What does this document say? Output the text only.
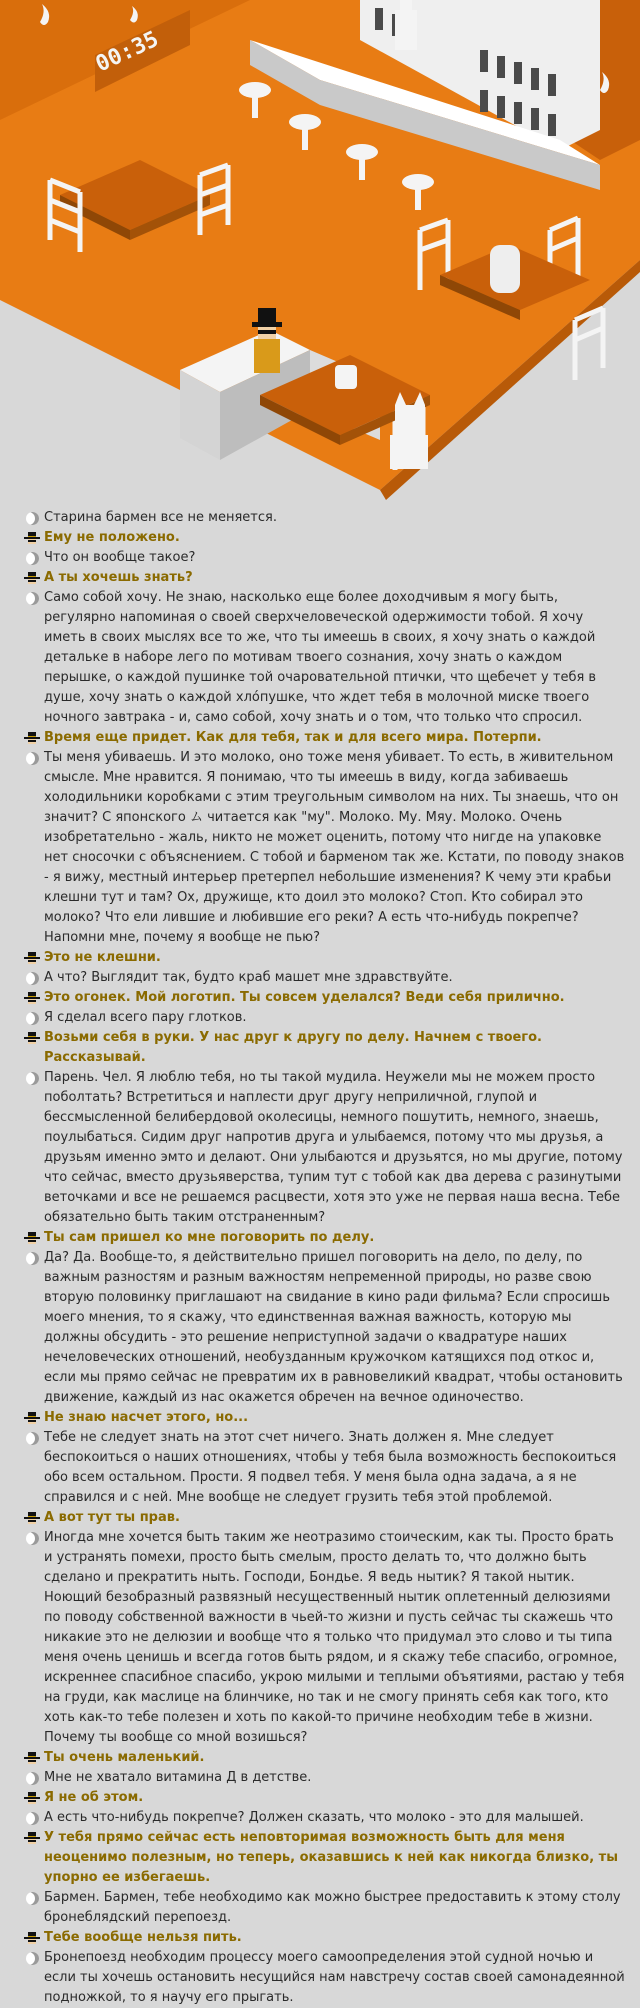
00:35
Старина бармен все не меняется.
Ему не положено.
Что он вообще такое?
А ты хочешь знать?
Само собой хочу. Не знаю, насколько еще более доходчивым я могу быть, регулярно напоминая о своей сверхчеловеческой одержимости тобой. Я хочу иметь в своих мыслях все то же, что ты имеешь в своих, я хочу знать о каждой детальке в наборе лего по мотивам твоего сознания, хочу знать о каждом перышке, о каждой пушинке той очаровательной птички, что щебечет у тебя в душе, хочу знать о каждой хлóпушке, что ждет тебя в молочной миске твоего ночного завтрака - и, само собой, хочу знать и о том, что только что спросил.
Время еще придет. Как для тебя, так и для всего мира. Потерпи.
Ты меня убиваешь. И это молоко, оно тоже меня убивает. То есть, в живительном смысле. Мне нравится. Я понимаю, что ты имеешь в виду, когда забиваешь холодильники коробками с этим треугольным символом на них. Ты знаешь, что он значит? С японского ム читается как "му". Молоко. Му. Мяу. Молоко. Очень изобретательно - жаль, никто не может оценить, потому что нигде на упаковке нет сносочки с объяснением. С тобой и барменом так же. Кстати, по поводу знаков - я вижу, местный интерьер претерпел небольшие изменения? К чему эти крабьи клешни тут и там? Ох, дружище, кто доил это молоко? Стоп. Кто собирал это молоко? Что ели лившие и любившие его реки? А есть что-нибудь покрепче? Напомни мне, почему я вообще не пью?
Это не клешни.
А что? Выглядит так, будто краб машет мне здравствуйте.
Это огонек. Мой логотип. Ты совсем уделался? Веди себя прилично.
Я сделал всего пару глотков.
Возьми себя в руки. У нас друг к другу по делу. Начнем с твоего. Рассказывай.
Парень. Чел. Я люблю тебя, но ты такой мудила. Неужели мы не можем просто поболтать? Встретиться и наплести друг другу неприличной, глупой и бессмысленной белибердовой околесицы, немного пошутить, немного, знаешь, поулыбаться. Сидим друг напротив друга и улыбаемся, потому что мы друзья, а друзьям именно эмто и делают. Они улыбаются и друзьятся, но мы другие, потому что сейчас, вместо друзьяверства, тупим тут с тобой как два дерева с разинутыми веточками и все не решаемся расцвести, хотя это уже не первая наша весна. Тебе обязательно быть таким отстраненным?
Ты сам пришел ко мне поговорить по делу.
Да? Да. Вообще-то, я действительно пришел поговорить на дело, по делу, по важным разностям и разным важностям непременной природы, но разве свою вторую половинку приглашают на свидание в кино ради фильма? Если спросишь моего мнения, то я скажу, что единственная важная важность, которую мы должны обсудить - это решение неприступной задачи о квадратуре наших нечеловеческих отношений, необузданным кружочком катящихся под откос и, если мы прямо сейчас не превратим их в равновеликий квадрат, чтобы остановить движение, каждый из нас окажется обречен на вечное одиночество.
Не знаю насчет этого, но...
Тебе не следует знать на этот счет ничего. Знать должен я. Мне следует беспокоиться о наших отношениях, чтобы у тебя была возможность беспокоиться обо всем остальном. Прости. Я подвел тебя. У меня была одна задача, а я не справился и с ней. Мне вообще не следует грузить тебя этой проблемой.
А вот тут ты прав.
Иногда мне хочется быть таким же неотразимо стоическим, как ты. Просто брать и устранять помехи, просто быть смелым, просто делать то, что должно быть сделано и прекратить ныть. Господи, Бондье. Я ведь нытик? Я такой нытик. Ноющий безобразный развязный несущественный нытик оплетенный делюзиями по поводу собственной важности в чьей-то жизни и пусть сейчас ты скажешь что никакие это не делюзии и вообще что я только что придумал это слово и ты типа меня очень ценишь и всегда готов быть рядом, и я скажу тебе спасибо, огромное, искреннее спасибное спасибо, укрою милыми и теплыми объятиями, растаю у тебя на груди, как маслице на блинчике, но так и не смогу принять себя как того, кто хоть как-то тебе полезен и хоть по какой-то причине необходим тебе в жизни. Почему ты вообще со мной возишься?
Ты очень маленький.
Мне не хватало витамина Д в детстве.
Я не об этом.
А есть что-нибудь покрепче? Должен сказать, что молоко - это для малышей.
У тебя прямо сейчас есть неповторимая возможность быть для меня неоценимо полезным, но теперь, оказавшись к ней как никогда близко, ты упорно ее избегаешь.
Бармен. Бармен, тебе необходимо как можно быстрее предоставить к этому столу бронеблядский перепоезд.
Тебе вообще нельзя пить.
Бронепоезд необходим процессу моего самоопределения этой судной ночью и если ты хочешь остановить несущийся нам навстречу состав своей самонадеянной подножкой, то я научу его прыгать.
